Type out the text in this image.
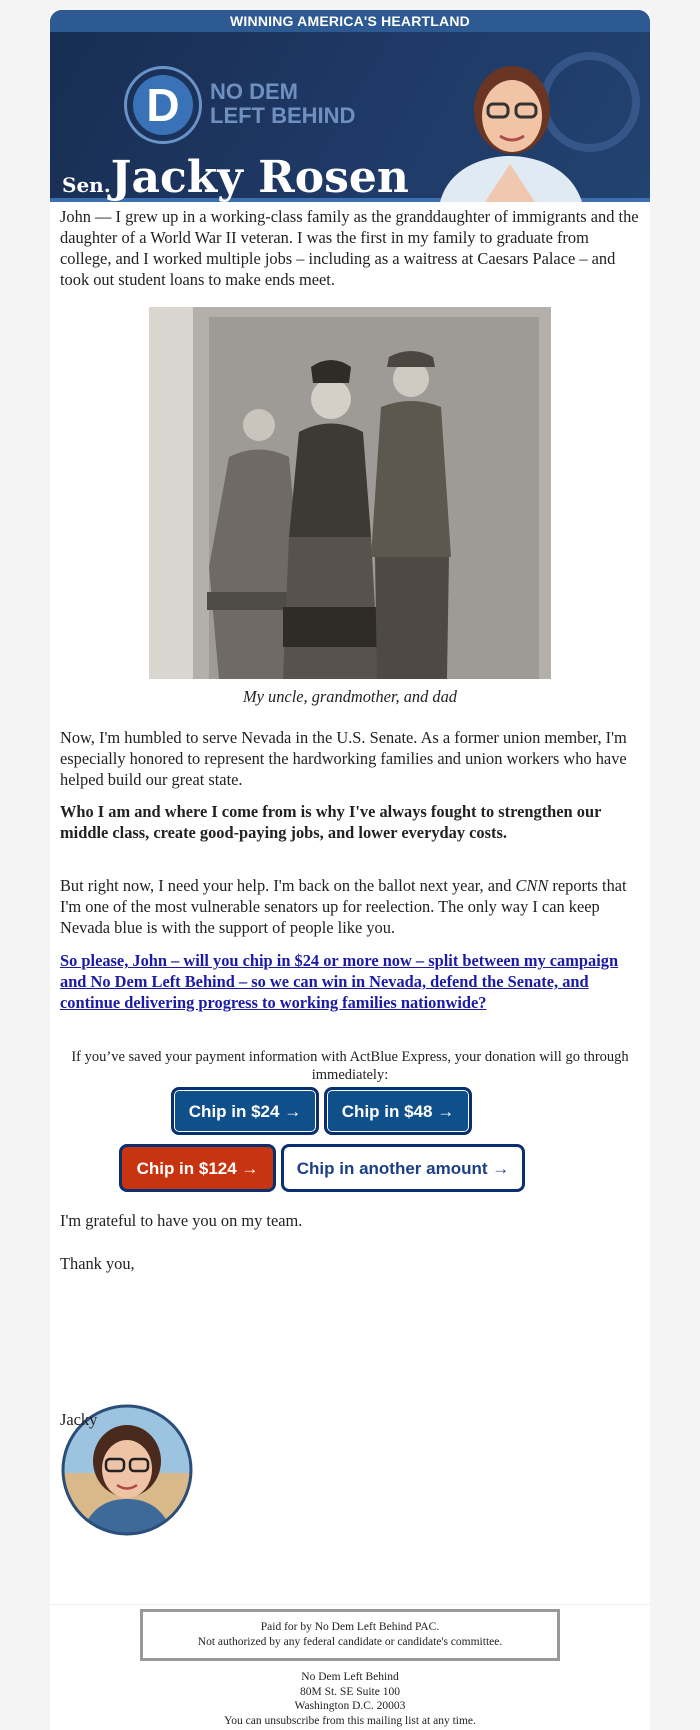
WINNING AMERICA'S HEARTLAND
D	NO DEM
LEFT BEHIND
Sen.Jacky Rosen

John — I grew up in a working-class family as the granddaughter of immigrants and the daughter of a World War II veteran. I was the first in my family to graduate from college, and I worked multiple jobs – including as a waitress at Caesars Palace – and took out student loans to make ends meet.

My uncle, grandmother, and dad

Now, I'm humbled to serve Nevada in the U.S. Senate. As a former union member, I'm especially honored to represent the hardworking families and union workers who have helped build our great state.

Who I am and where I come from is why I've always fought to strengthen our middle class, create good-paying jobs, and lower everyday costs.

But right now, I need your help. I'm back on the ballot next year, and CNN reports that I'm one of the most vulnerable senators up for reelection. The only way I can keep Nevada blue is with the support of people like you.

So please, John – will you chip in $24 or more now – split between my campaign and No Dem Left Behind – so we can win in Nevada, defend the Senate, and continue delivering progress to working families nationwide?

If you’ve saved your payment information with ActBlue Express, your donation will go through immediately:
Chip in $24 →	Chip in $48 →
Chip in $124 →	Chip in another amount →

I'm grateful to have you on my team.

Thank you,

Jacky

Paid for by No Dem Left Behind PAC.
Not authorized by any federal candidate or candidate's committee.
No Dem Left Behind
80M St. SE Suite 100
Washington D.C. 20003
You can unsubscribe from this mailing list at any time.
